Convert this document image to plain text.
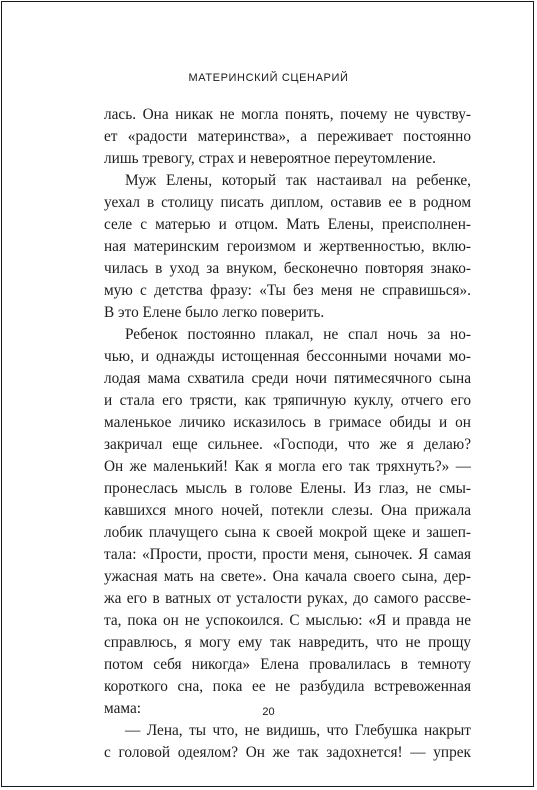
МАТЕРИНСКИЙ СЦЕНАРИЙ
лась. Она никак не могла понять, почему не чувству-
ет «радости материнства», а переживает постоянно
лишь тревогу, страх и невероятное переутомление.
Муж Елены, который так настаивал на ребенке,
уехал в столицу писать диплом, оставив ее в родном
селе с матерью и отцом. Мать Елены, преисполнен-
ная материнским героизмом и жертвенностью, вклю-
чилась в уход за внуком, бесконечно повторяя знако-
мую с детства фразу: «Ты без меня не справишься».
В это Елене было легко поверить.
Ребенок постоянно плакал, не спал ночь за но-
чью, и однажды истощенная бессонными ночами мо-
лодая мама схватила среди ночи пятимесячного сына
и стала его трясти, как тряпичную куклу, отчего его
маленькое личико исказилось в гримасе обиды и он
закричал еще сильнее. «Господи, что же я делаю?
Он же маленький! Как я могла его так тряхнуть?» —
пронеслась мысль в голове Елены. Из глаз, не смы-
кавшихся много ночей, потекли слезы. Она прижала
лобик плачущего сына к своей мокрой щеке и зашеп-
тала: «Прости, прости, прости меня, сыночек. Я самая
ужасная мать на свете». Она качала своего сына, дер-
жа его в ватных от усталости руках, до самого рассве-
та, пока он не успокоился. С мыслью: «Я и правда не
справлюсь, я могу ему так навредить, что не прощу
потом себя никогда» Елена провалилась в темноту
короткого сна, пока ее не разбудила встревоженная
мама:
— Лена, ты что, не видишь, что Глебушка накрыт
с головой одеялом? Он же так задохнется! — упрек
20
